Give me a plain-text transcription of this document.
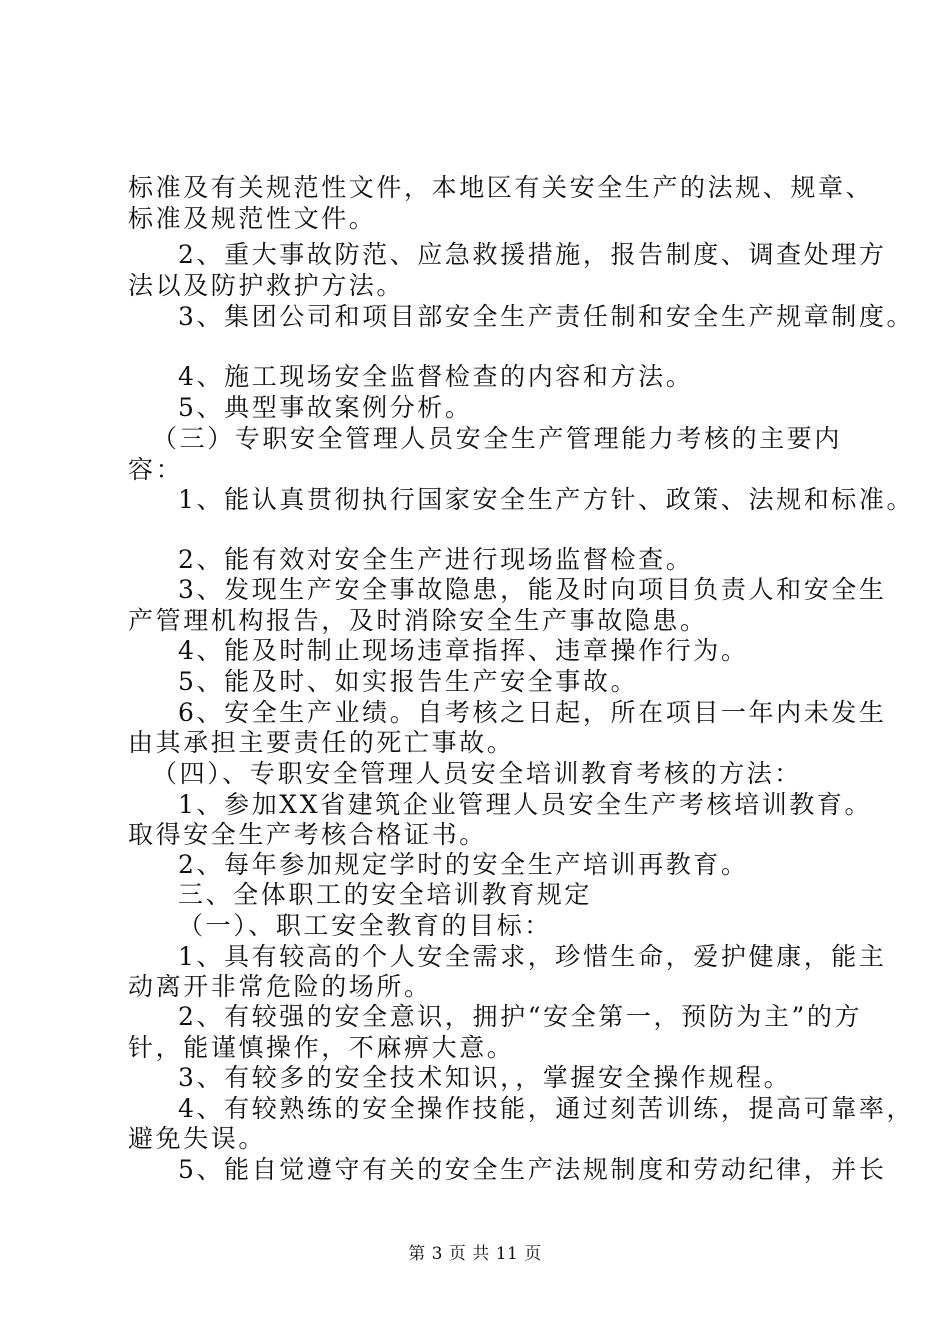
标准及有关规范性文件，本地区有关安全生产的法规、规章、
标准及规范性文件。
2、重大事故防范、应急救援措施，报告制度、调查处理方
法以及防护救护方法。
3、集团公司和项目部安全生产责任制和安全生产规章制度。
4、施工现场安全监督检查的内容和方法。
5、典型事故案例分析。
（三）专职安全管理人员安全生产管理能力考核的主要内
容：
1、能认真贯彻执行国家安全生产方针、政策、法规和标准。
2、能有效对安全生产进行现场监督检查。
3、发现生产安全事故隐患，能及时向项目负责人和安全生
产管理机构报告，及时消除安全生产事故隐患。
4、能及时制止现场违章指挥、违章操作行为。
5、能及时、如实报告生产安全事故。
6、安全生产业绩。自考核之日起，所在项目一年内未发生
由其承担主要责任的死亡事故。
（四）、专职安全管理人员安全培训教育考核的方法：
1、参加XX省建筑企业管理人员安全生产考核培训教育。
取得安全生产考核合格证书。
2、每年参加规定学时的安全生产培训再教育。
三、全体职工的安全培训教育规定
（一）、职工安全教育的目标：
1、具有较高的个人安全需求，珍惜生命，爱护健康，能主
动离开非常危险的场所。
2、有较强的安全意识，拥护“安全第一，预防为主”的方
针，能谨慎操作，不麻痹大意。
3、有较多的安全技术知识，，掌握安全操作规程。
4、有较熟练的安全操作技能，通过刻苦训练，提高可靠率，
避免失误。
5、能自觉遵守有关的安全生产法规制度和劳动纪律，并长
第 3 页 共 11 页
